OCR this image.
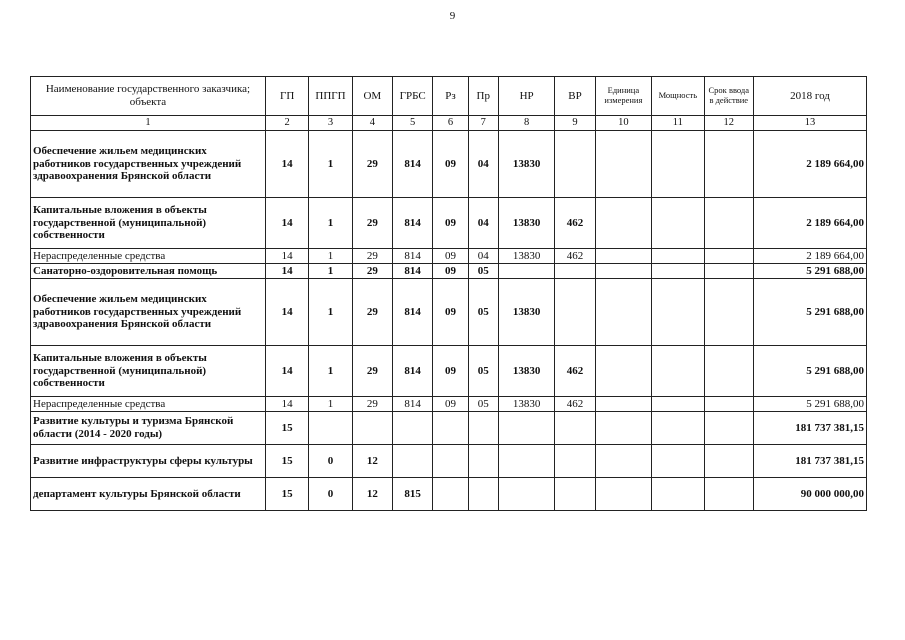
9
Наименование государственного заказчика; объекта	ГП	ППГП	ОМ	ГРБС	Рз	Пр	НР	ВР	Единица измерения	Мощность	Срок ввода в действие	2018 год
1	2	3	4	5	6	7	8	9	10	11	12	13
Обеспечение жильем медицинских работников государственных учреждений здравоохранения Брянской области	14	1	29	814	09	04	13830					2 189 664,00
Капитальные вложения в объекты государственной (муниципальной) собственности	14	1	29	814	09	04	13830	462				2 189 664,00
Нераспределенные средства	14	1	29	814	09	04	13830	462				2 189 664,00
Санаторно-оздоровительная помощь	14	1	29	814	09	05						5 291 688,00
Обеспечение жильем медицинских работников государственных учреждений здравоохранения Брянской области	14	1	29	814	09	05	13830					5 291 688,00
Капитальные вложения в объекты государственной (муниципальной) собственности	14	1	29	814	09	05	13830	462				5 291 688,00
Нераспределенные средства	14	1	29	814	09	05	13830	462				5 291 688,00
Развитие культуры и туризма Брянской области (2014 - 2020 годы)	15											181 737 381,15
Развитие инфраструктуры сферы культуры	15	0	12									181 737 381,15
департамент культуры Брянской области	15	0	12	815								90 000 000,00
